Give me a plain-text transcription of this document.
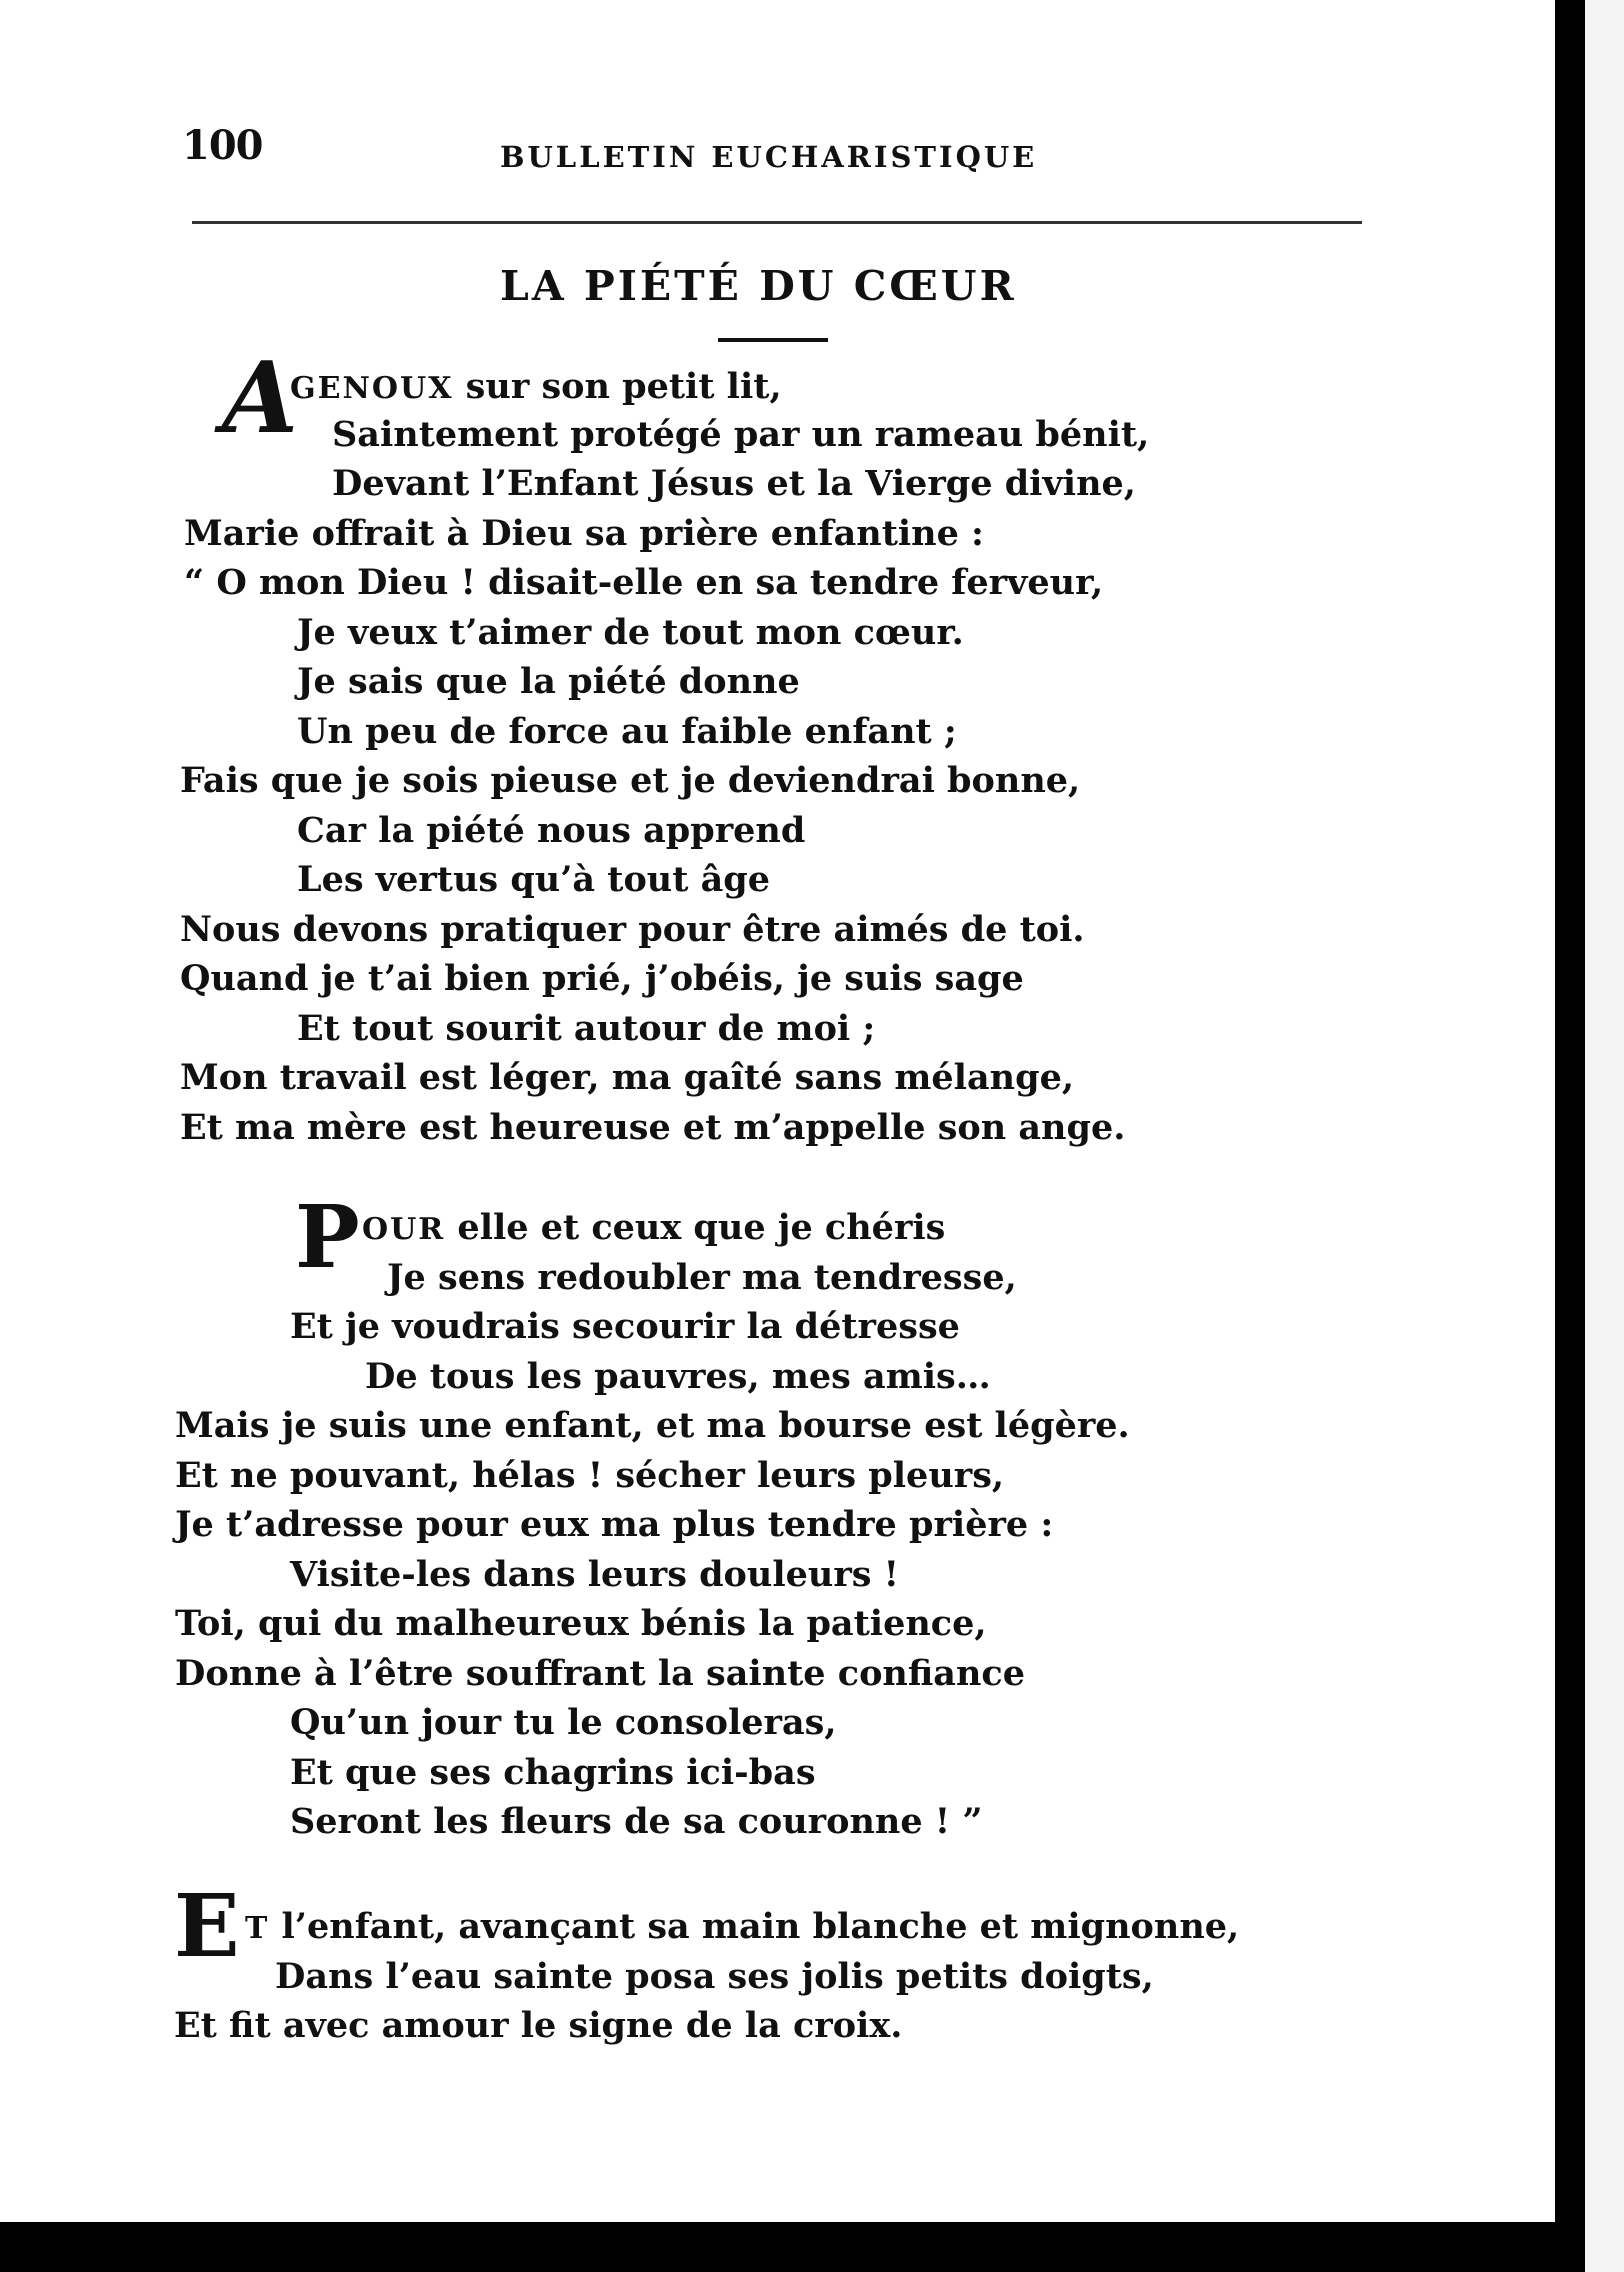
100	BULLETIN EUCHARISTIQUE
LA PIÉTÉ DU CŒUR
A
GENOUX sur son petit lit,
Saintement protégé par un rameau bénit,
Devant l’Enfant Jésus et la Vierge divine,
Marie offrait à Dieu sa prière enfantine :
“ O mon Dieu ! disait-elle en sa tendre ferveur,
Je veux t’aimer de tout mon cœur.
Je sais que la piété donne
Un peu de force au faible enfant ;
Fais que je sois pieuse et je deviendrai bonne,
Car la piété nous apprend
Les vertus qu’à tout âge
Nous devons pratiquer pour être aimés de toi.
Quand je t’ai bien prié, j’obéis, je suis sage
Et tout sourit autour de moi ;
Mon travail est léger, ma gaîté sans mélange,
Et ma mère est heureuse et m’appelle son ange.
P OUR elle et ceux que je chéris
Je sens redoubler ma tendresse,
Et je voudrais secourir la détresse
De tous les pauvres, mes amis…
Mais je suis une enfant, et ma bourse est légère.
Et ne pouvant, hélas ! sécher leurs pleurs,
Je t’adresse pour eux ma plus tendre prière :
Visite-les dans leurs douleurs !
Toi, qui du malheureux bénis la patience,
Donne à l’être souffrant la sainte confiance
Qu’un jour tu le consoleras,
Et que ses chagrins ici-bas
Seront les fleurs de sa couronne ! ”
E T l’enfant, avançant sa main blanche et mignonne,
Dans l’eau sainte posa ses jolis petits doigts,
Et fit avec amour le signe de la croix.
